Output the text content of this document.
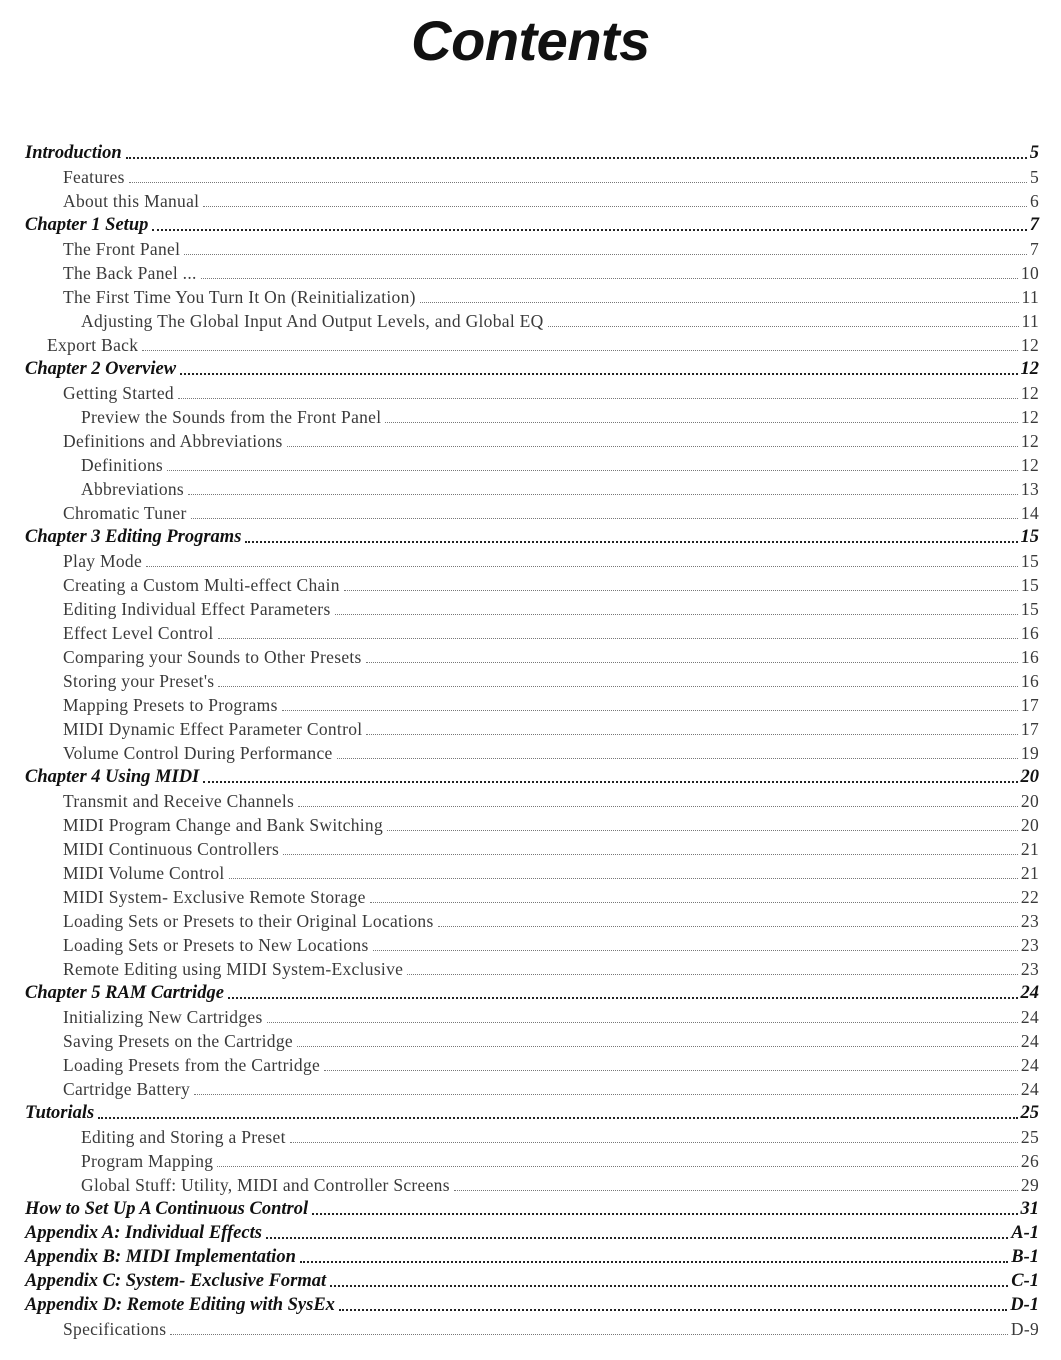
Contents
Introduction	5
Features	5
About this Manual	6
Chapter 1 Setup	7
The Front Panel	7
The Back Panel ...	10
The First Time You Turn It On (Reinitialization)	11
Adjusting The Global Input And Output Levels, and Global EQ	11
Export Back	12
Chapter 2 Overview	12
Getting Started	12
Preview the Sounds from the Front Panel	12
Definitions and Abbreviations	12
Definitions	12
Abbreviations	13
Chromatic Tuner	14
Chapter 3 Editing Programs	15
Play Mode	15
Creating a Custom Multi-effect Chain	15
Editing Individual Effect Parameters	15
Effect Level Control	16
Comparing your Sounds to Other Presets	16
Storing your Preset's	16
Mapping Presets to Programs	17
MIDI Dynamic Effect Parameter Control	17
Volume Control During Performance	19
Chapter 4 Using MIDI	20
Transmit and Receive Channels	20
MIDI Program Change and Bank Switching	20
MIDI Continuous Controllers	21
MIDI Volume Control	21
MIDI System- Exclusive Remote Storage	22
Loading Sets or Presets to their Original Locations	23
Loading Sets or Presets to New Locations	23
Remote Editing using MIDI System-Exclusive	23
Chapter 5 RAM Cartridge	24
Initializing New Cartridges	24
Saving Presets on the Cartridge	24
Loading Presets from the Cartridge	24
Cartridge Battery	24
Tutorials	25
Editing and Storing a Preset	25
Program Mapping	26
Global Stuff: Utility, MIDI and Controller Screens	29
How to Set Up A Continuous Control	31
Appendix A: Individual Effects	A-1
Appendix B: MIDI Implementation	B-1
Appendix C: System- Exclusive Format	C-1
Appendix D: Remote Editing with SysEx	D-1
Specifications	D-9
